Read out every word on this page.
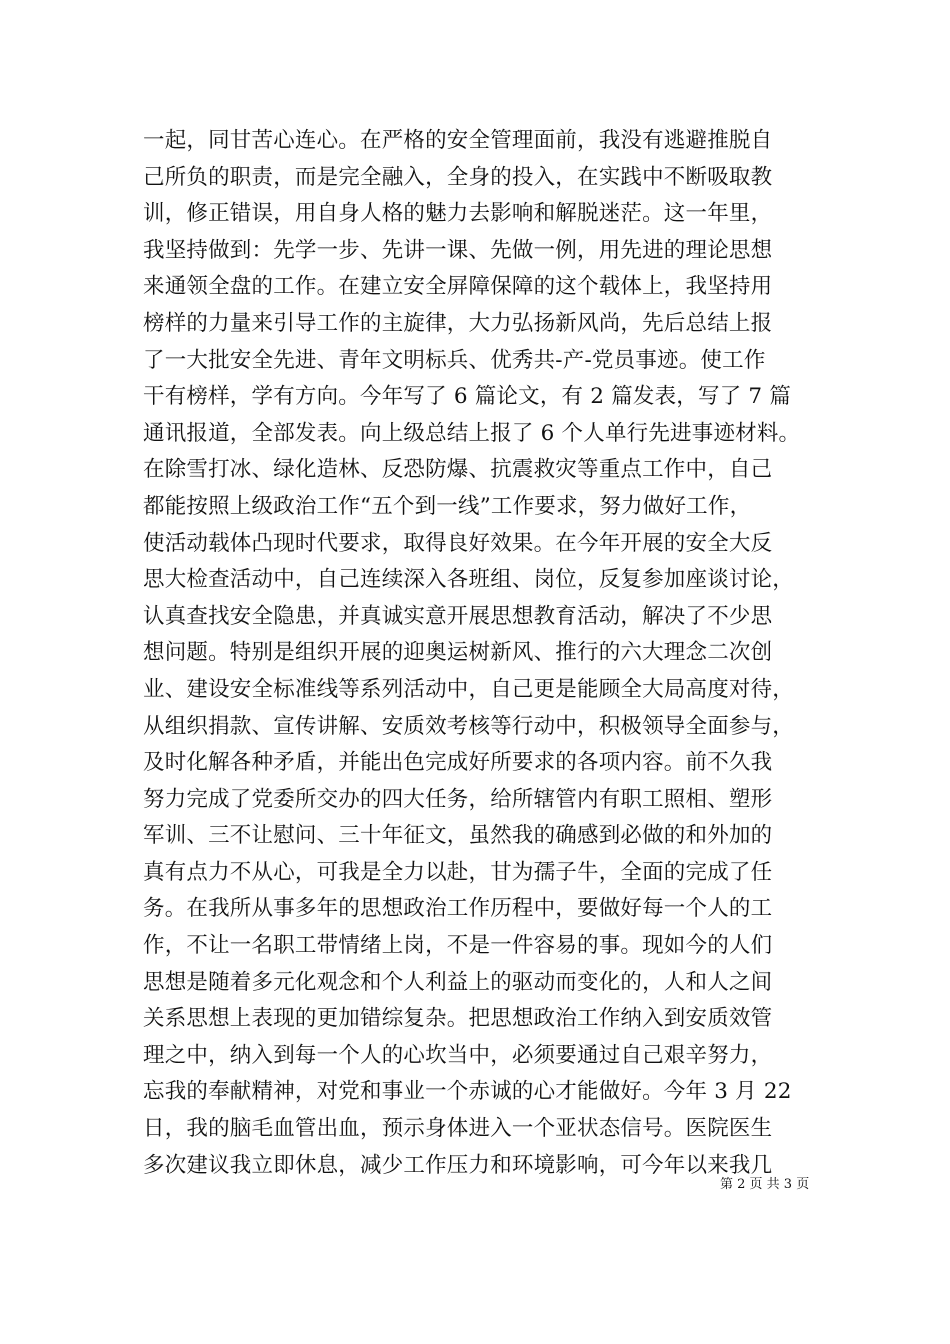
一起，同甘苦心连心。在严格的安全管理面前，我没有逃避推脱自
己所负的职责，而是完全融入，全身的投入，在实践中不断吸取教
训，修正错误，用自身人格的魅力去影响和解脱迷茫。这一年里，
我坚持做到：先学一步、先讲一课、先做一例，用先进的理论思想
来通领全盘的工作。在建立安全屏障保障的这个载体上，我坚持用
榜样的力量来引导工作的主旋律，大力弘扬新风尚，先后总结上报
了一大批安全先进、青年文明标兵、优秀共-产-党员事迹。使工作
干有榜样，学有方向。今年写了 6 篇论文，有 2 篇发表，写了 7 篇
通讯报道，全部发表。向上级总结上报了 6 个人单行先进事迹材料。
在除雪打冰、绿化造林、反恐防爆、抗震救灾等重点工作中，自己
都能按照上级政治工作“五个到一线”工作要求，努力做好工作，
使活动载体凸现时代要求，取得良好效果。在今年开展的安全大反
思大检查活动中，自己连续深入各班组、岗位，反复参加座谈讨论，
认真查找安全隐患，并真诚实意开展思想教育活动，解决了不少思
想问题。特别是组织开展的迎奥运树新风、推行的六大理念二次创
业、建设安全标准线等系列活动中，自己更是能顾全大局高度对待，
从组织捐款、宣传讲解、安质效考核等行动中，积极领导全面参与，
及时化解各种矛盾，并能出色完成好所要求的各项内容。前不久我
努力完成了党委所交办的四大任务，给所辖管内有职工照相、塑形
军训、三不让慰问、三十年征文，虽然我的确感到必做的和外加的
真有点力不从心，可我是全力以赴，甘为孺子牛，全面的完成了任
务。在我所从事多年的思想政治工作历程中，要做好每一个人的工
作，不让一名职工带情绪上岗，不是一件容易的事。现如今的人们
思想是随着多元化观念和个人利益上的驱动而变化的，人和人之间
关系思想上表现的更加错综复杂。把思想政治工作纳入到安质效管
理之中，纳入到每一个人的心坎当中，必须要通过自己艰辛努力，
忘我的奉献精神，对党和事业一个赤诚的心才能做好。今年 3 月 22
日，我的脑毛血管出血，预示身体进入一个亚状态信号。医院医生
多次建议我立即休息，减少工作压力和环境影响，可今年以来我几
第 2 页 共 3 页
